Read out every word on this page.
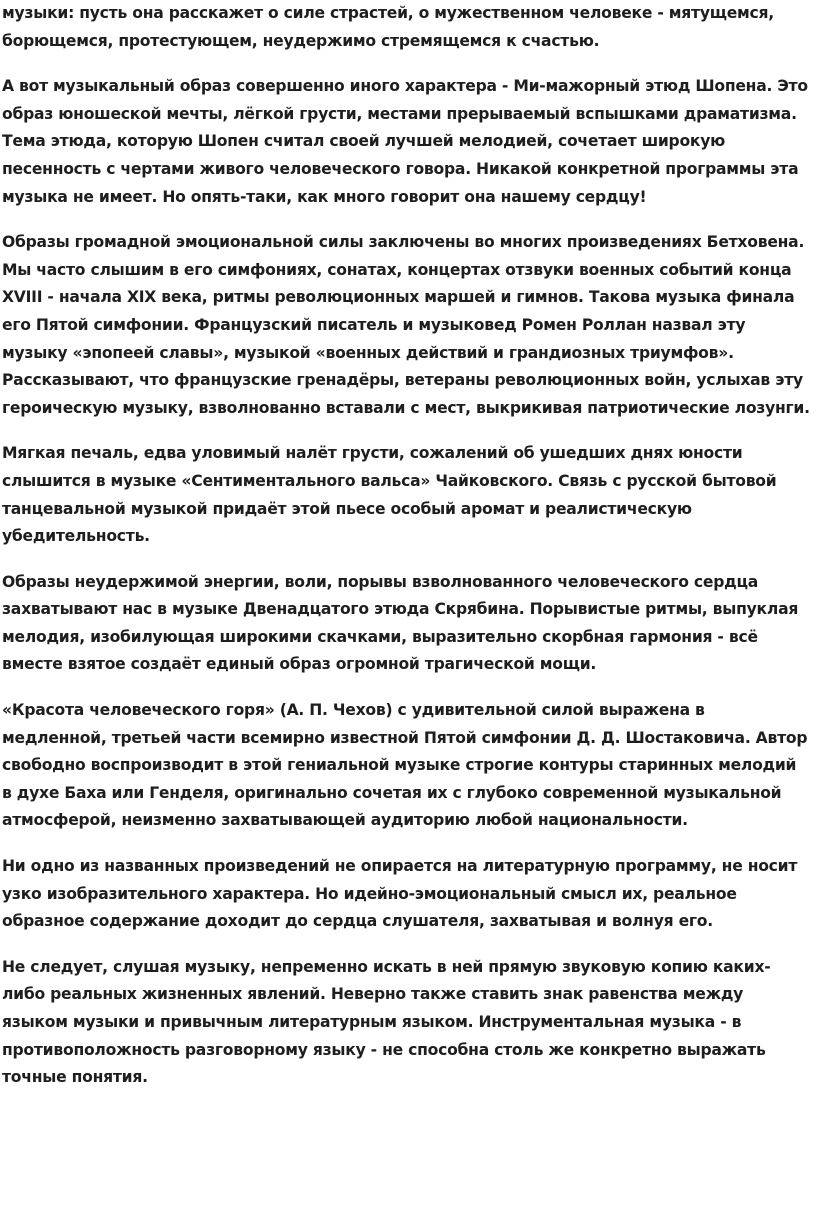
музыки: пусть она расскажет о силе страстей, о мужественном человеке - мятущемся, борющемся, протестующем, неудержимо стремящемся к счастью.

А вот музыкальный образ совершенно иного характера - Ми-мажорный этюд Шопена. Это образ юношеской мечты, лёгкой грусти, местами прерываемый вспышками драматизма. Тема этюда, которую Шопен считал своей лучшей мелодией, сочетает широкую песенность с чертами живого человеческого говора. Никакой конкретной программы эта музыка не имеет. Но опять-таки, как много говорит она нашему сердцу!

Образы громадной эмоциональной силы заключены во многих произведениях Бетховена. Мы часто слышим в его симфониях, сонатах, концертах отзвуки военных событий конца XVIII - начала XIX века, ритмы революционных маршей и гимнов. Такова музыка финала его Пятой симфонии. Французский писатель и музыковед Ромен Роллан назвал эту музыку «эпопеей славы», музыкой «военных действий и грандиозных триумфов». Рассказывают, что французские гренадёры, ветераны революционных войн, услыхав эту героическую музыку, взволнованно вставали с мест, выкрикивая патриотические лозунги.

Мягкая печаль, едва уловимый налёт грусти, сожалений об ушедших днях юности слышится в музыке «Сентиментального вальса» Чайковского. Связь с русской бытовой танцевальной музыкой придаёт этой пьесе особый аромат и реалистическую убедительность.

Образы неудержимой энергии, воли, порывы взволнованного человеческого сердца захватывают нас в музыке Двенадцатого этюда Скрябина. Порывистые ритмы, выпуклая мелодия, изобилующая широкими скачками, выразительно скорбная гармония - всё вместе взятое создаёт единый образ огромной трагической мощи.

«Красота человеческого горя» (А. П. Чехов) с удивительной силой выражена в медленной, третьей части всемирно известной Пятой симфонии Д. Д. Шостаковича. Автор свободно воспроизводит в этой гениальной музыке строгие контуры старинных мелодий в духе Баха или Генделя, оригинально сочетая их с глубоко современной музыкальной атмосферой, неизменно захватывающей аудиторию любой национальности.

Ни одно из названных произведений не опирается на литературную программу, не носит узко изобразительного характера. Но идейно-эмоциональный смысл их, реальное образное содержание доходит до сердца слушателя, захватывая и волнуя его.

Не следует, слушая музыку, непременно искать в ней прямую звуковую копию каких-либо реальных жизненных явлений. Неверно также ставить знак равенства между языком музыки и привычным литературным языком. Инструментальная музыка - в противоположность разговорному языку - не способна столь же конкретно выражать точные понятия.
